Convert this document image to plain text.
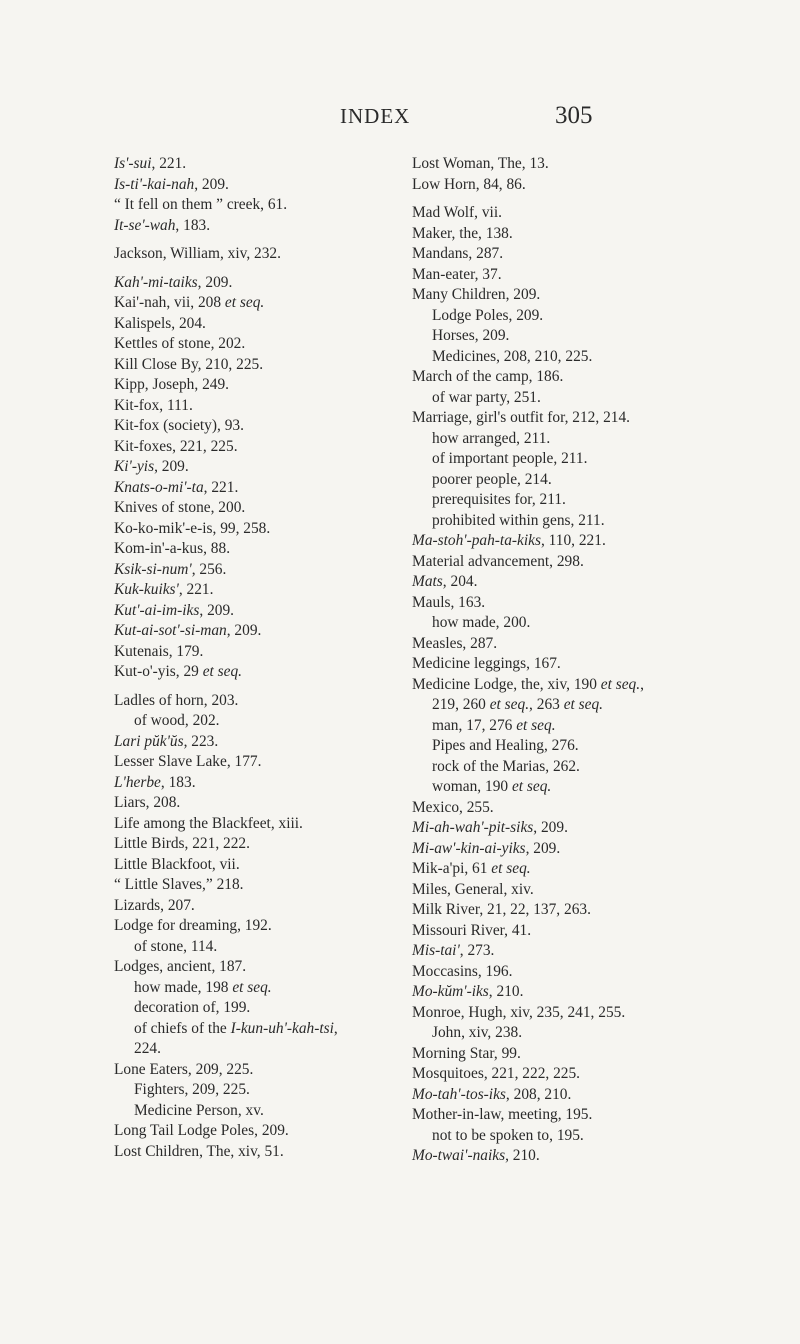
INDEX	305
Is'-sui, 221.
Is-ti'-kai-nah, 209.
“ It fell on them ” creek, 61.
It-se'-wah, 183.
Jackson, William, xiv, 232.
Kah'-mi-taiks, 209.
Kai'-nah, vii, 208 et seq.
Kalispels, 204.
Kettles of stone, 202.
Kill Close By, 210, 225.
Kipp, Joseph, 249.
Kit-fox, 111.
Kit-fox (society), 93.
Kit-foxes, 221, 225.
Ki'-yis, 209.
Knats-o-mi'-ta, 221.
Knives of stone, 200.
Ko-ko-mik'-e-is, 99, 258.
Kom-in'-a-kus, 88.
Ksik-si-num', 256.
Kuk-kuiks', 221.
Kut'-ai-im-iks, 209.
Kut-ai-sot'-si-man, 209.
Kutenais, 179.
Kut-o'-yis, 29 et seq.
Ladles of horn, 203.
of wood, 202.
Lari pŭk'ŭs, 223.
Lesser Slave Lake, 177.
L'herbe, 183.
Liars, 208.
Life among the Blackfeet, xiii.
Little Birds, 221, 222.
Little Blackfoot, vii.
“ Little Slaves,” 218.
Lizards, 207.
Lodge for dreaming, 192.
of stone, 114.
Lodges, ancient, 187.
how made, 198 et seq.
decoration of, 199.
of chiefs of the I-kun-uh'-kah-tsi,
224.
Lone Eaters, 209, 225.
Fighters, 209, 225.
Medicine Person, xv.
Long Tail Lodge Poles, 209.
Lost Children, The, xiv, 51.
Lost Woman, The, 13.
Low Horn, 84, 86.
Mad Wolf, vii.
Maker, the, 138.
Mandans, 287.
Man-eater, 37.
Many Children, 209.
Lodge Poles, 209.
Horses, 209.
Medicines, 208, 210, 225.
March of the camp, 186.
of war party, 251.
Marriage, girl's outfit for, 212, 214.
how arranged, 211.
of important people, 211.
poorer people, 214.
prerequisites for, 211.
prohibited within gens, 211.
Ma-stoh'-pah-ta-kiks, 110, 221.
Material advancement, 298.
Mats, 204.
Mauls, 163.
how made, 200.
Measles, 287.
Medicine leggings, 167.
Medicine Lodge, the, xiv, 190 et seq.,
219, 260 et seq., 263 et seq.
man, 17, 276 et seq.
Pipes and Healing, 276.
rock of the Marias, 262.
woman, 190 et seq.
Mexico, 255.
Mi-ah-wah'-pit-siks, 209.
Mi-aw'-kin-ai-yiks, 209.
Mik-a'pi, 61 et seq.
Miles, General, xiv.
Milk River, 21, 22, 137, 263.
Missouri River, 41.
Mis-tai', 273.
Moccasins, 196.
Mo-kŭm'-iks, 210.
Monroe, Hugh, xiv, 235, 241, 255.
John, xiv, 238.
Morning Star, 99.
Mosquitoes, 221, 222, 225.
Mo-tah'-tos-iks, 208, 210.
Mother-in-law, meeting, 195.
not to be spoken to, 195.
Mo-twai'-naiks, 210.
